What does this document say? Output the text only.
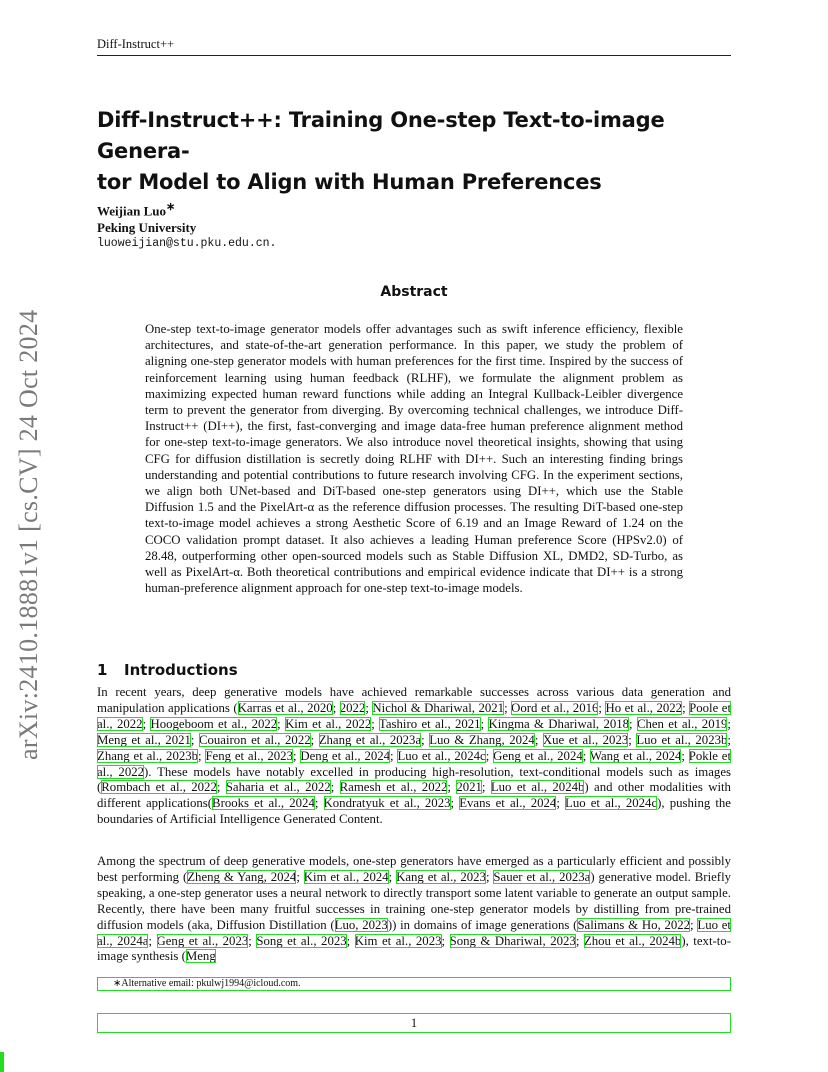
Diff-Instruct++
Diff-Instruct++: Training One-step Text-to-image Genera-
tor Model to Align with Human Preferences
Weijian Luo∗
Peking University
luoweijian@stu.pku.edu.cn.
arXiv:2410.18881v1 [cs.CV] 24 Oct 2024
Abstract
One-step text-to-image generator models offer advantages such as swift inference efficiency, flexible architectures, and state-of-the-art generation performance. In this paper, we study the problem of aligning one-step generator models with human preferences for the first time. Inspired by the success of reinforcement learning using human feedback (RLHF), we formulate the alignment problem as maximizing expected human reward functions while adding an Integral Kullback-Leibler divergence term to prevent the generator from diverging. By overcoming technical challenges, we introduce Diff-Instruct++ (DI++), the first, fast-converging and image data-free human preference alignment method for one-step text-to-image generators. We also introduce novel theoretical insights, showing that using CFG for diffusion distillation is secretly doing RLHF with DI++. Such an interesting finding brings understanding and potential contributions to future research involving CFG. In the experiment sections, we align both UNet-based and DiT-based one-step generators using DI++, which use the Stable Diffusion 1.5 and the PixelArt-α as the reference diffusion processes. The resulting DiT-based one-step text-to-image model achieves a strong Aesthetic Score of 6.19 and an Image Reward of 1.24 on the COCO validation prompt dataset. It also achieves a leading Human preference Score (HPSv2.0) of 28.48, outperforming other open-sourced models such as Stable Diffusion XL, DMD2, SD-Turbo, as well as PixelArt-α. Both theoretical contributions and empirical evidence indicate that DI++ is a strong human-preference alignment approach for one-step text-to-image models.
1 Introductions

In recent years, deep generative models have achieved remarkable successes across various data generation and manipulation applications (Karras et al., 2020; 2022; Nichol & Dhariwal, 2021; Oord et al., 2016; Ho et al., 2022; Poole et al., 2022; Hoogeboom et al., 2022; Kim et al., 2022; Tashiro et al., 2021; Kingma & Dhariwal, 2018; Chen et al., 2019; Meng et al., 2021; Couairon et al., 2022; Zhang et al., 2023a; Luo & Zhang, 2024; Xue et al., 2023; Luo et al., 2023b; Zhang et al., 2023b; Feng et al., 2023; Deng et al., 2024; Luo et al., 2024c; Geng et al., 2024; Wang et al., 2024; Pokle et al., 2022). These models have notably excelled in producing high-resolution, text-conditional models such as images (Rombach et al., 2022; Saharia et al., 2022; Ramesh et al., 2022; 2021; Luo et al., 2024b) and other modalities with different applications(Brooks et al., 2024; Kondratyuk et al., 2023; Evans et al., 2024; Luo et al., 2024c), pushing the boundaries of Artificial Intelligence Generated Content.

Among the spectrum of deep generative models, one-step generators have emerged as a particularly efficient and possibly best performing (Zheng & Yang, 2024; Kim et al., 2024; Kang et al., 2023; Sauer et al., 2023a) generative model. Briefly speaking, a one-step generator uses a neural network to directly transport some latent variable to generate an output sample. Recently, there have been many fruitful successes in training one-step generator models by distilling from pre-trained diffusion models (aka, Diffusion Distillation (Luo, 2023)) in domains of image generations (Salimans & Ho, 2022; Luo et al., 2024a; Geng et al., 2023; Song et al., 2023; Kim et al., 2023; Song & Dhariwal, 2023; Zhou et al., 2024b), text-to-image synthesis (Meng

∗Alternative email: pkulwj1994@icloud.com.
1
